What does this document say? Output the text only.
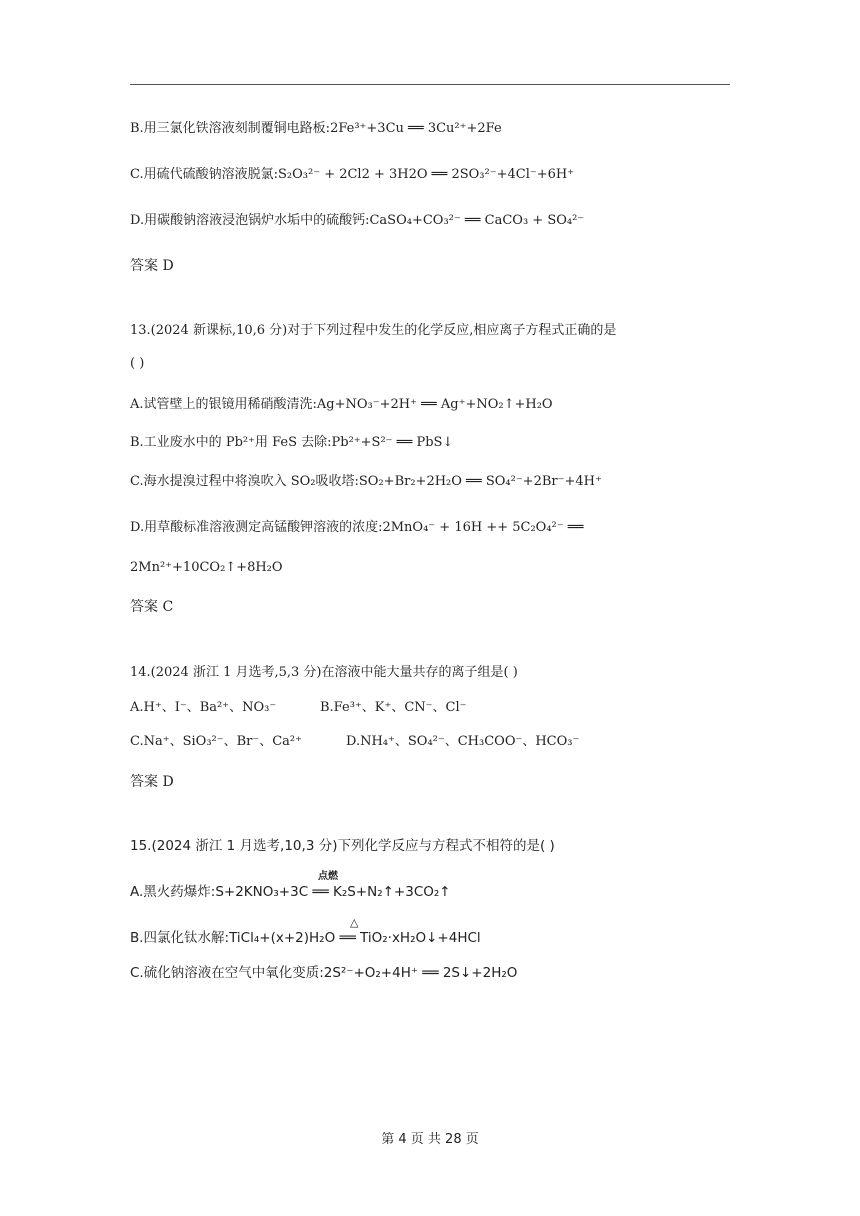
B.用三氯化铁溶液刻制覆铜电路板:2Fe³⁺+3Cu ══ 3Cu²⁺+2Fe
C.用硫代硫酸钠溶液脱氯:S₂O₃²⁻ + 2Cl2 + 3H2O ══ 2SO₃²⁻+4Cl⁻+6H⁺
D.用碳酸钠溶液浸泡锅炉水垢中的硫酸钙:CaSO₄+CO₃²⁻ ══ CaCO₃ + SO₄²⁻
答案 D
13.(2024 新课标,10,6 分)对于下列过程中发生的化学反应,相应离子方程式正确的是
( )
A.试管壁上的银镜用稀硝酸清洗:Ag+NO₃⁻+2H⁺ ══ Ag⁺+NO₂↑+H₂O
B.工业废水中的 Pb²⁺用 FeS 去除:Pb²⁺+S²⁻ ══ PbS↓
C.海水提溴过程中将溴吹入 SO₂吸收塔:SO₂+Br₂+2H₂O ══ SO₄²⁻+2Br⁻+4H⁺
D.用草酸标准溶液测定高锰酸钾溶液的浓度:2MnO₄⁻ + 16H ++ 5C₂O₄²⁻ ══
2Mn²⁺+10CO₂↑+8H₂O
答案 C
14.(2024 浙江 1 月选考,5,3 分)在溶液中能大量共存的离子组是( )
A.H⁺、I⁻、Ba²⁺、NO₃⁻	B.Fe³⁺、K⁺、CN⁻、Cl⁻
C.Na⁺、SiO₃²⁻、Br⁻、Ca²⁺	D.NH₄⁺、SO₄²⁻、CH₃COO⁻、HCO₃⁻
答案 D
15.(2024 浙江 1 月选考,10,3 分)下列化学反应与方程式不相符的是( )
A.黑火药爆炸:S+2KNO₃+3C ══ K₂S+N₂↑+3CO₂↑
点燃
B.四氯化钛水解:TiCl₄+(x+2)H₂O ══ TiO₂·xH₂O↓+4HCl
△
C.硫化钠溶液在空气中氧化变质:2S²⁻+O₂+4H⁺ ══ 2S↓+2H₂O
第 4 页 共 28 页
